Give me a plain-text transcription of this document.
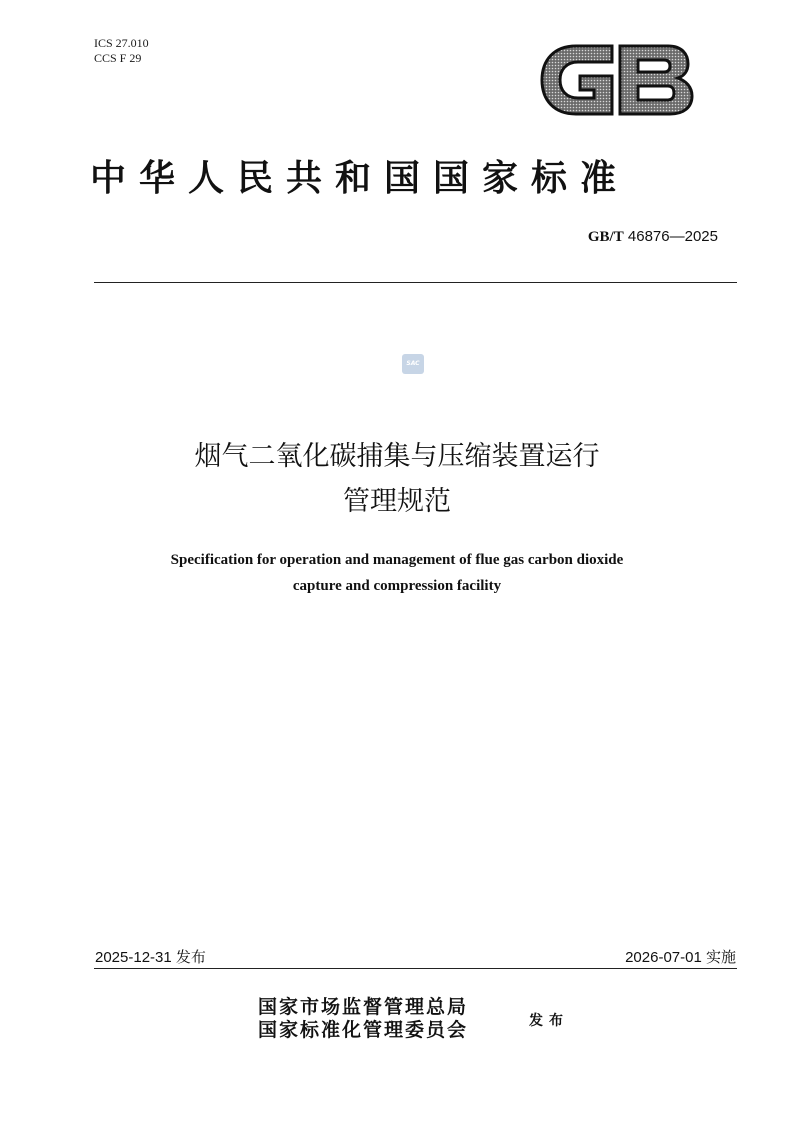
ICS 27.010
CCS F 29
中华人民共和国国家标准
GB/T 46876—2025
SAC
烟气二氧化碳捕集与压缩装置运行
管理规范
Specification for operation and management of flue gas carbon dioxide
capture and compression facility
2025-12-31 发布	2026-07-01 实施
国家市场监督管理总局
国家标准化管理委员会	发布
